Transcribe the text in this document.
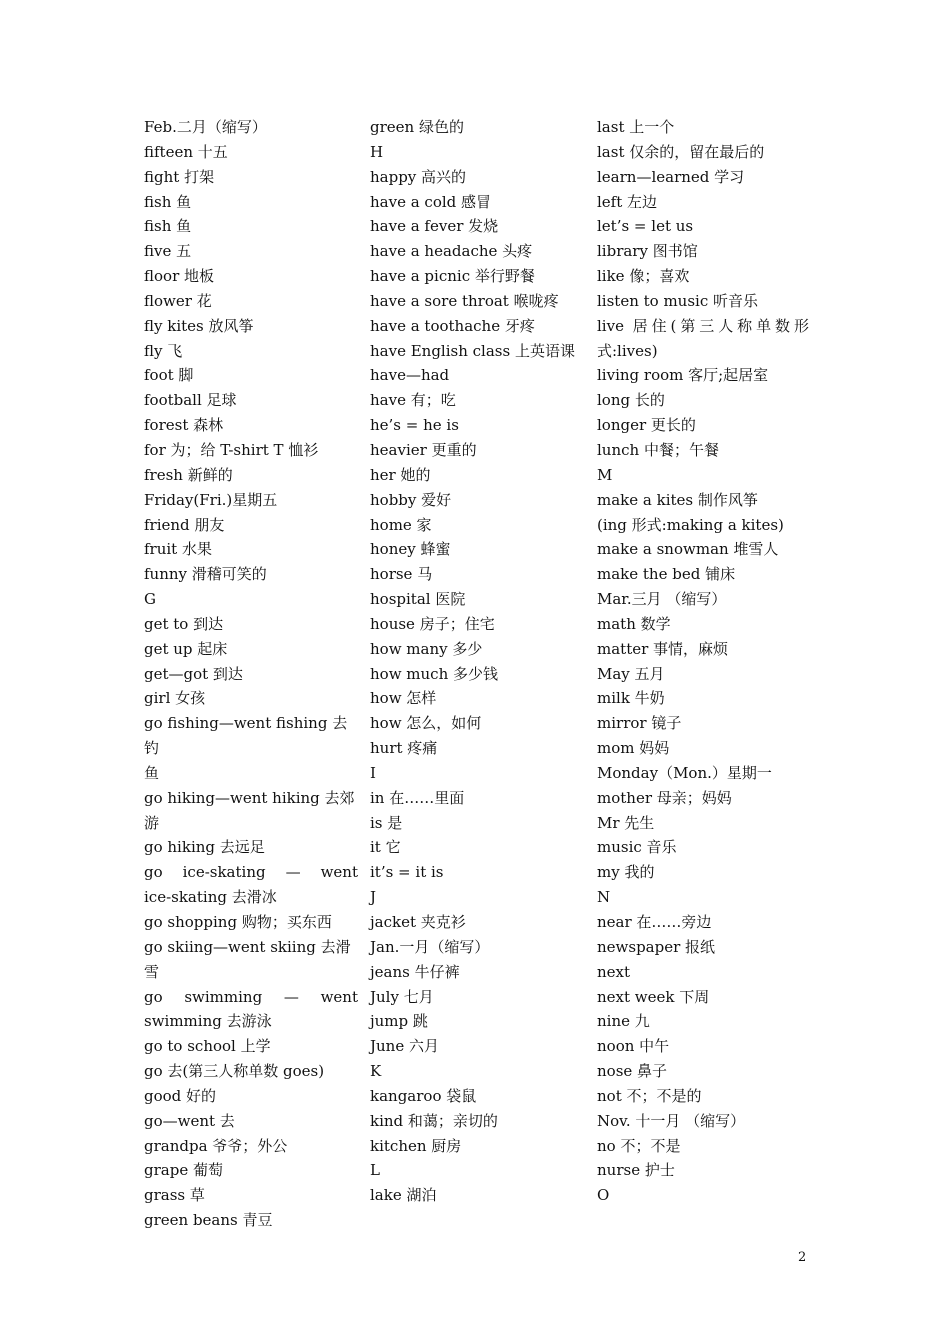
Feb.二月（缩写）
fifteen 十五
fight 打架
fish 鱼
fish 鱼
five 五
floor 地板
flower 花
fly kites 放风筝
fly 飞
foot 脚
football 足球
forest 森林
for 为；给 T-shirt T 恤衫
fresh 新鲜的
Friday(Fri.)星期五
friend 朋友
fruit 水果
funny 滑稽可笑的
G
get to 到达
get up 起床
get—got 到达
girl 女孩
go fishing—went fishing 去钓
鱼
go hiking—went hiking 去郊
游
go hiking 去远足
go ice-skating — went
ice-skating 去滑冰
go shopping 购物；买东西
go skiing—went skiing 去滑
雪
go swimming — went
swimming 去游泳
go to school 上学
go 去(第三人称单数 goes)
good 好的
go—went 去
grandpa 爷爷；外公
grape 葡萄
grass 草
green beans 青豆
green 绿色的
H
happy 高兴的
have a cold 感冒
have a fever 发烧
have a headache 头疼
have a picnic 举行野餐
have a sore throat 喉咙疼
have a toothache 牙疼
have English class 上英语课
have—had
have 有；吃
he’s = he is
heavier 更重的
her 她的
hobby 爱好
home 家
honey 蜂蜜
horse 马
hospital 医院
house 房子；住宅
how many 多少
how much 多少钱
how 怎样
how 怎么，如何
hurt 疼痛
I
in 在……里面
is 是
it 它
it’s = it is
J
jacket 夹克衫
Jan.一月（缩写）
jeans 牛仔裤
July 七月
jump 跳
June 六月
K
kangaroo 袋鼠
kind 和蔼；亲切的
kitchen 厨房
L
lake 湖泊
last 上一个
last 仅余的，留在最后的
learn—learned 学习
left 左边
let’s = let us
library 图书馆
like 像；喜欢
listen to music 听音乐
live 居住(第三人称单数形
式:lives)
living room 客厅;起居室
long 长的
longer 更长的
lunch 中餐；午餐
M
make a kites 制作风筝
(ing 形式:making a kites)
make a snowman 堆雪人
make the bed 铺床
Mar.三月 （缩写）
math 数学
matter 事情，麻烦
May 五月
milk 牛奶
mirror 镜子
mom 妈妈
Monday（Mon.）星期一
mother 母亲；妈妈
Mr 先生
music 音乐
my 我的
N
near 在……旁边
newspaper 报纸
next
next week 下周
nine 九
noon 中午
nose 鼻子
not 不；不是的
Nov. 十一月 （缩写）
no 不；不是
nurse 护士
O
2
